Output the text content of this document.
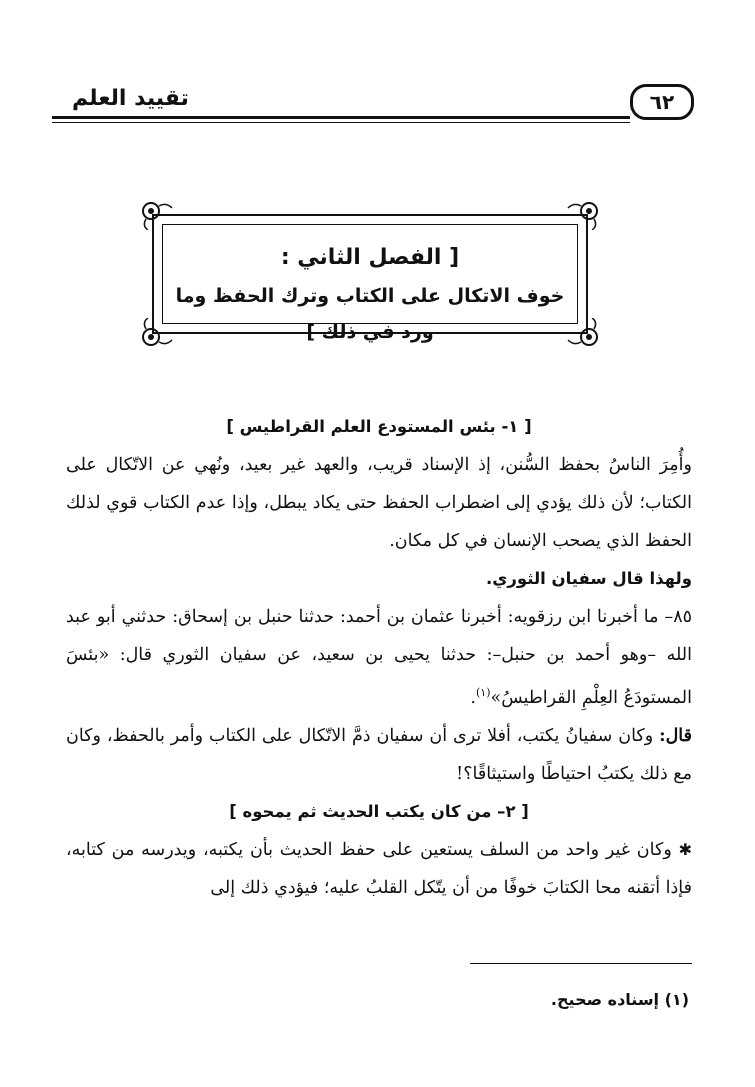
تقييد العلم	٦٢
[ الفصل الثاني :
خوف الاتكال على الكتاب وترك الحفظ وما ورد في ذلك ]

[ ١- بئس المستودع العلم القراطيس ]

وأُمِرَ الناسُ بحفظ السُّنن، إذ الإسناد قريب، والعهد غير بعيد، ونُهي عن الاتّكال على الكتاب؛ لأن ذلك يؤدي إلى اضطراب الحفظ حتى يكاد يبطل، وإذا عدم الكتاب قوي لذلك الحفظ الذي يصحب الإنسان في كل مكان.

ولهذا قال سفيان الثوري.

٨٥– ما أخبرنا ابن رزقويه: أخبرنا عثمان بن أحمد: حدثنا حنبل بن إسحاق: حدثني أبو عبد الله –وهو أحمد بن حنبل–: حدثنا يحيى بن سعيد، عن سفيان الثوري قال: «بئسَ المستودَعُ العِلْمِ القراطيسُ»$^{(١)}$.

قال: وكان سفيانُ يكتب، أفلا ترى أن سفيان ذمَّ الاتّكال على الكتاب وأمر بالحفظ، وكان مع ذلك يكتبُ احتياطًا واستيثاقًا؟!

[ ٢– من كان يكتب الحديث ثم يمحوه ]

✱ وكان غير واحد من السلف يستعين على حفظ الحديث بأن يكتبه، ويدرسه من كتابه، فإذا أتقنه محا الكتابَ خوفًا من أن يتّكل القلبُ عليه؛ فيؤدي ذلك إلى

(١) إسناده صحيح.
